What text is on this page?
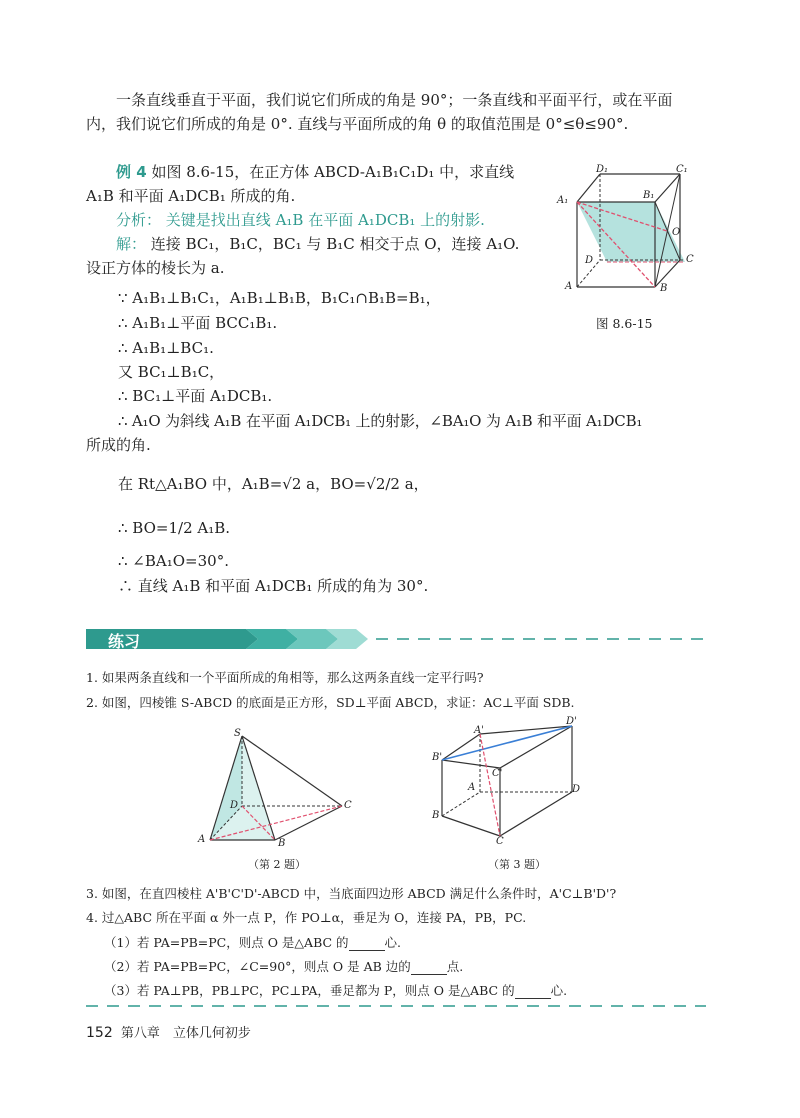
一条直线垂直于平面，我们说它们所成的角是 90°；一条直线和平面平行，或在平面
内，我们说它们所成的角是 0°. 直线与平面所成的角 θ 的取值范围是 0°≤θ≤90°.
例 4 如图 8.6-15，在正方体 ABCD-A₁B₁C₁D₁ 中，求直线
A₁B 和平面 A₁DCB₁ 所成的角.
分析： 关键是找出直线 A₁B 在平面 A₁DCB₁ 上的射影.
解： 连接 BC₁，B₁C，BC₁ 与 B₁C 相交于点 O，连接 A₁O.
设正方体的棱长为 a.
D₁	C₁
A₁	B₁
O
D	C
A	B
图 8.6-15
∵ A₁B₁⊥B₁C₁，A₁B₁⊥B₁B，B₁C₁∩B₁B=B₁，
∴ A₁B₁⊥平面 BCC₁B₁.
∴ A₁B₁⊥BC₁.
又 BC₁⊥B₁C，
∴ BC₁⊥平面 A₁DCB₁.
∴ A₁O 为斜线 A₁B 在平面 A₁DCB₁ 上的射影，∠BA₁O 为 A₁B 和平面 A₁DCB₁
所成的角.
在 Rt△A₁BO 中，A₁B=√2 a，BO=√2/2 a，
∴ BO=1/2 A₁B.
∴ ∠BA₁O=30°.
∴ 直线 A₁B 和平面 A₁DCB₁ 所成的角为 30°.
练习
1. 如果两条直线和一个平面所成的角相等，那么这两条直线一定平行吗?
2. 如图，四棱锥 S-ABCD 的底面是正方形，SD⊥平面 ABCD，求证：AC⊥平面 SDB.
S
D	C
A	B
（第 2 题）
A'
D'
B'
C'
A	D
B
C
（第 3 题）
3. 如图，在直四棱柱 A'B'C'D'-ABCD 中，当底面四边形 ABCD 满足什么条件时，A'C⊥B'D'?
4. 过△ABC 所在平面 α 外一点 P，作 PO⊥α，垂足为 O，连接 PA，PB，PC.
（1）若 PA=PB=PC，则点 O 是△ABC 的	心.
（2）若 PA=PB=PC，∠C=90°，则点 O 是 AB 边的	点.
（3）若 PA⊥PB，PB⊥PC，PC⊥PA，垂足都为 P，则点 O 是△ABC 的	心.
152 第八章　立体几何初步
